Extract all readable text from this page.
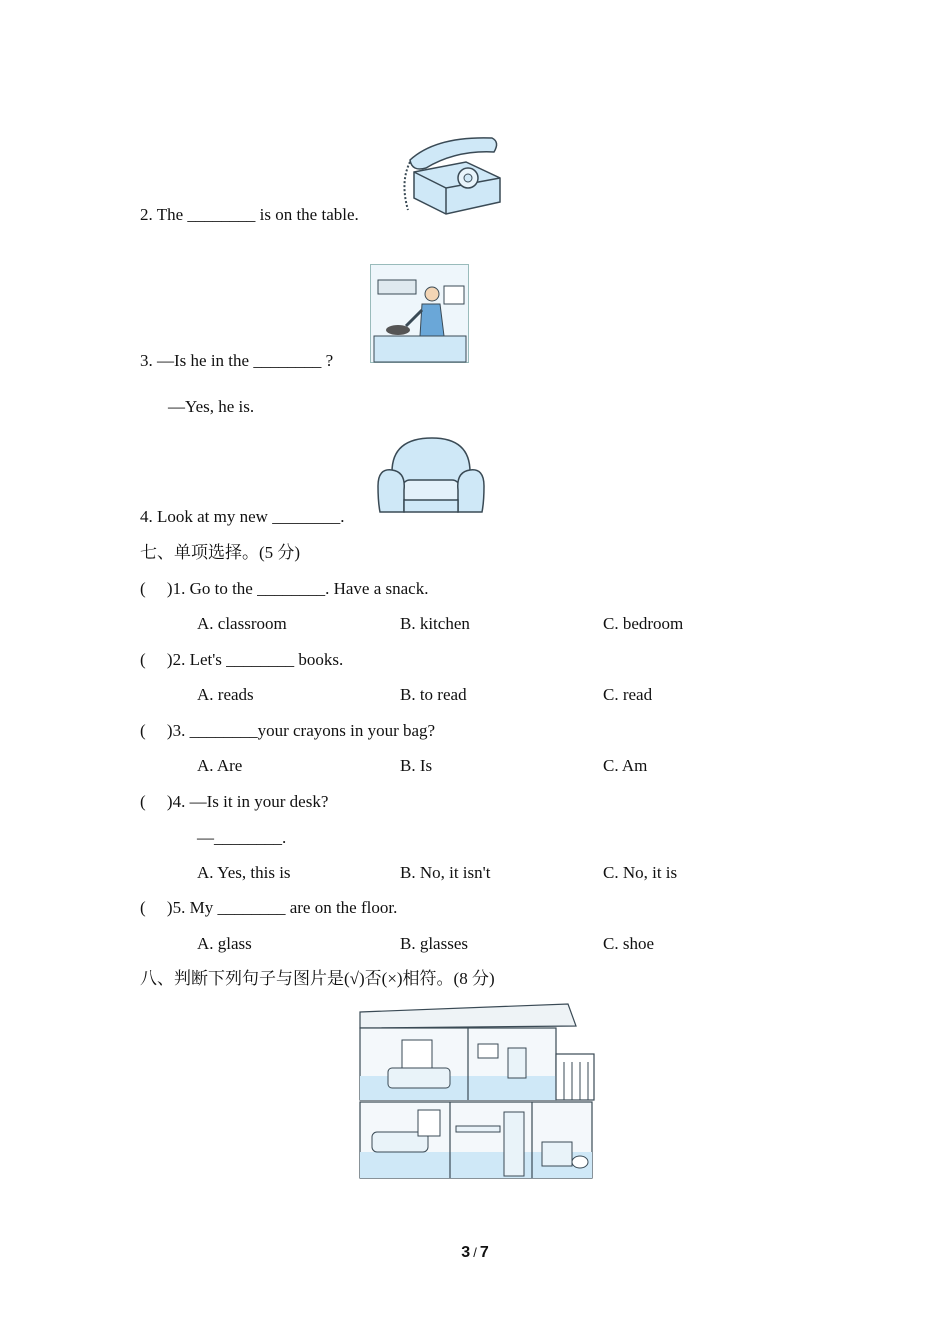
2. The ________ is on the table.
3. —Is he in the ________ ?
—Yes, he is.
4. Look at my new ________.
七、单项选择。(5 分)
(     )1. Go to the ________. Have a snack.
A. classroom	B. kitchen	C. bedroom
(     )2. Let's ________ books.
A. reads	B. to read	C. read
(     )3. ________your crayons in your bag?
A. Are	B. Is	C. Am
(     )4. —Is it in your desk?
—________.
A. Yes, this is	B. No, it isn't	C. No, it is
(     )5. My ________ are on the floor.
A. glass	B. glasses	C. shoe
八、判断下列句子与图片是(√)否(×)相符。(8 分)
3 / 7
